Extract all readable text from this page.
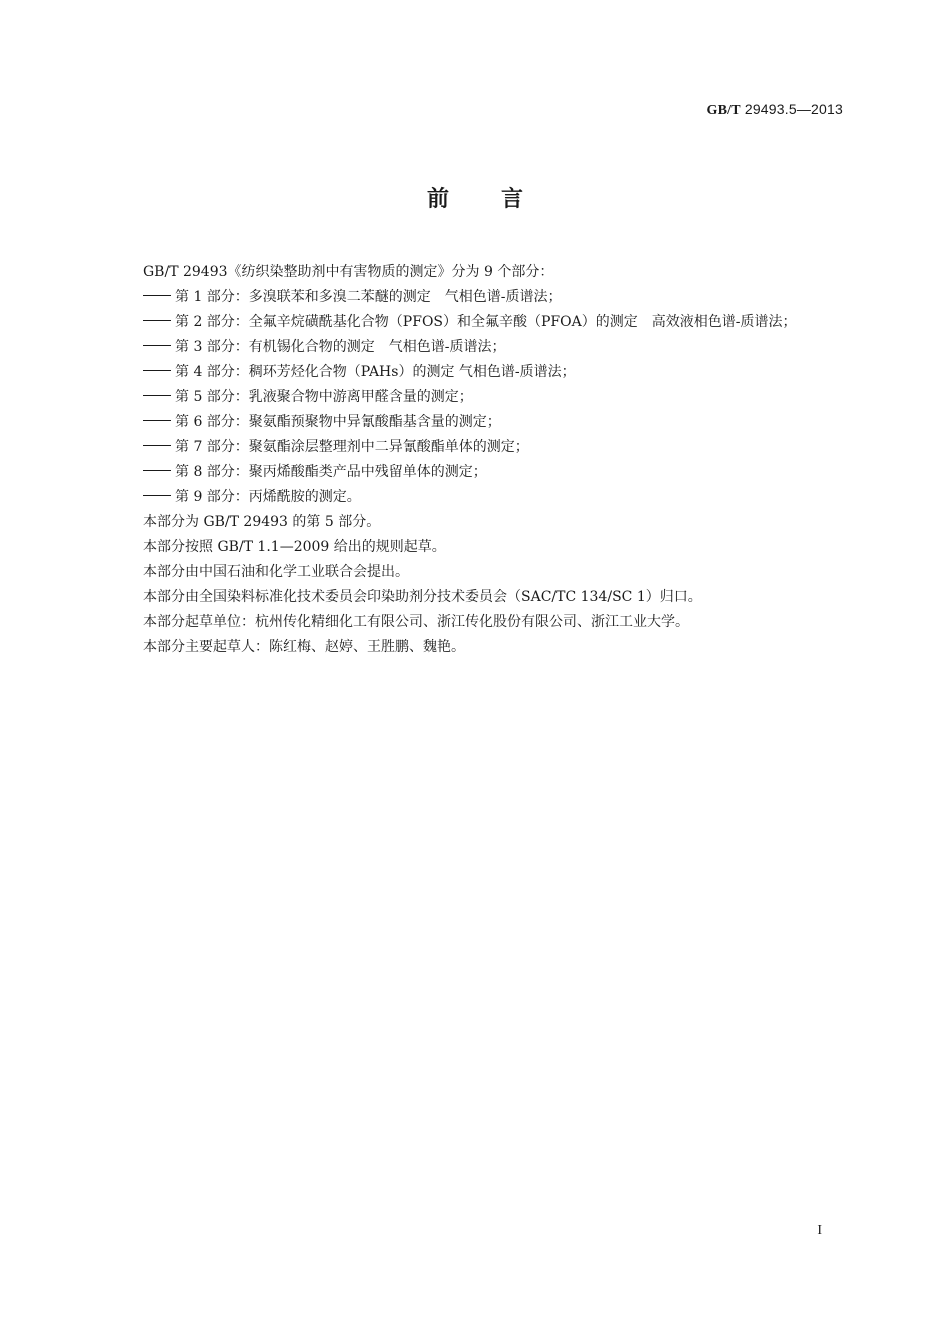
GB/T 29493.5—2013
前言
GB/T 29493《纺织染整助剂中有害物质的测定》分为 9 个部分：
第 1 部分：多溴联苯和多溴二苯醚的测定　气相色谱-质谱法；
第 2 部分：全氟辛烷磺酰基化合物（PFOS）和全氟辛酸（PFOA）的测定　高效液相色谱-质谱法；
第 3 部分：有机锡化合物的测定　气相色谱-质谱法；
第 4 部分：稠环芳烃化合物（PAHs）的测定 气相色谱-质谱法；
第 5 部分：乳液聚合物中游离甲醛含量的测定；
第 6 部分：聚氨酯预聚物中异氰酸酯基含量的测定；
第 7 部分：聚氨酯涂层整理剂中二异氰酸酯单体的测定；
第 8 部分：聚丙烯酸酯类产品中残留单体的测定；
第 9 部分：丙烯酰胺的测定。
本部分为 GB/T 29493 的第 5 部分。
本部分按照 GB/T 1.1—2009 给出的规则起草。
本部分由中国石油和化学工业联合会提出。
本部分由全国染料标准化技术委员会印染助剂分技术委员会（SAC/TC 134/SC 1）归口。
本部分起草单位：杭州传化精细化工有限公司、浙江传化股份有限公司、浙江工业大学。
本部分主要起草人：陈红梅、赵婷、王胜鹏、魏艳。
I
